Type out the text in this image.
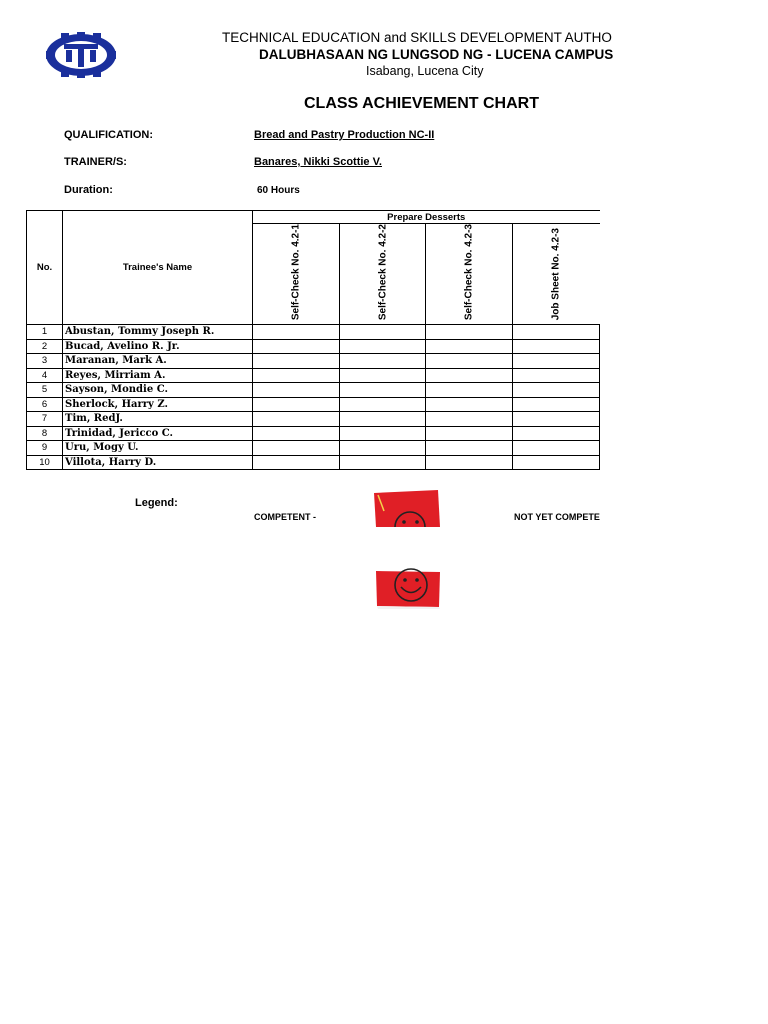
TECHNICAL EDUCATION and SKILLS DEVELOPMENT AUTHO
DALUBHASAAN NG LUNGSOD NG - LUCENA CAMPUS
Isabang, Lucena City
CLASS ACHIEVEMENT CHART
QUALIFICATION:	Bread and Pastry Production NC-II
TRAINER/S:	Banares, Nikki Scottie V.
Duration:	60 Hours
No.	Trainee's Name	Prepare Desserts			

		Self-Check No. 4.2-1	Self-Check No. 4.2-2	Self-Check No. 4.2-3	Job Sheet No. 4.2-3

1	Abustan, Tommy Joseph R.				
2	Bucad, Avelino R. Jr.				
3	Maranan, Mark A.				
4	Reyes, Mirriam A.				
5	Sayson, Mondie C.				
6	Sherlock, Harry Z.				
7	Tim, RedJ.				
8	Trinidad, Jericco C.				
9	Uru, Mogy U.				
10	Villota, Harry D.				
Legend:
COMPETENT -	NOT YET COMPETE
